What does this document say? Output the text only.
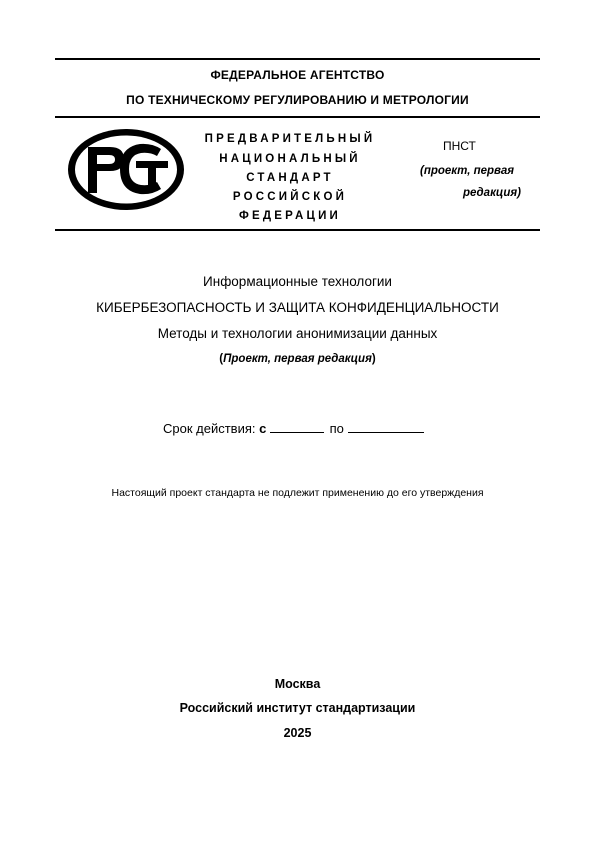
ФЕДЕРАЛЬНОЕ АГЕНТСТВО
ПО ТЕХНИЧЕСКОМУ РЕГУЛИРОВАНИЮ И МЕТРОЛОГИИ
ПРЕДВАРИТЕЛЬНЫЙ
НАЦИОНАЛЬНЫЙ
СТАНДАРТ
РОССИЙСКОЙ
ФЕДЕРАЦИИ
ПНСТ
(проект, первая
редакция)
Информационные технологии
КИБЕРБЕЗОПАСНОСТЬ И ЗАЩИТА КОНФИДЕНЦИАЛЬНОСТИ
Методы и технологии анонимизации данных
(Проект, первая редакция)
Срок действия: с	по
Настоящий проект стандарта не подлежит применению до его утверждения
Москва
Российский институт стандартизации
2025
